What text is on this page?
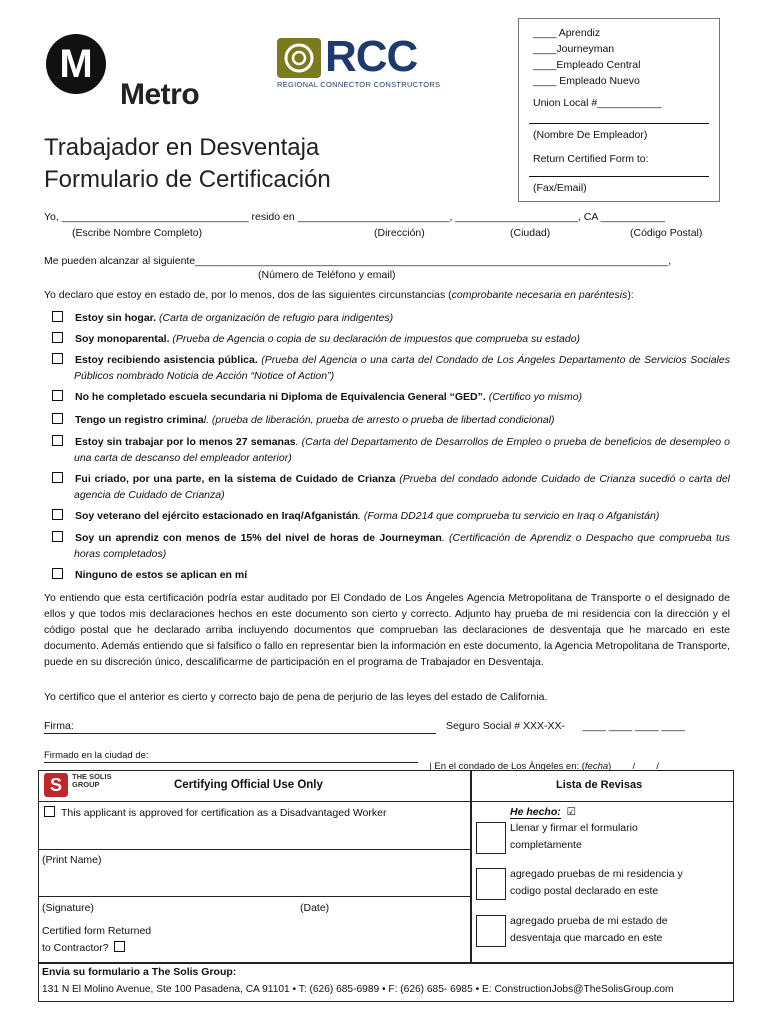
M
Metro
RCC
REGIONAL CONNECTOR CONSTRUCTORS
Trabajador en Desventaja
Formulario de Certificación
____ Aprendiz
____Journeyman
____Empleado Central
____ Empleado Nuevo
Union Local #___________
(Nombre De Empleador)
Return Certified Form to:
(Fax/Email)
Yo, ________________________________ resido en __________________________, _____________________, CA ___________
(Escribe Nombre Completo)	(Dirección)	(Ciudad)	(Código Postal)
Me pueden alcanzar al siguiente_________________________________________________________________________________,
(Número de Teléfono y email)
Yo declaro que estoy en estado de, por lo menos, dos de las siguientes circunstancias (comprobante necesaria en paréntesis):
Estoy sin hogar. (Carta de organización de refugio para indigentes)
Soy monoparental. (Prueba de Agencia o copia de su declaración de impuestos que comprueba su estado)
Estoy recibiendo asistencia pública. (Prueba del Agencia o una carta del Condado de Los Ángeles Departamento de Servicios Sociales Públicos nombrado Noticia de Acción “Notice of Action”)
No he completado escuela secundaria ni Diploma de Equivalencia General “GED”. (Certifico yo mismo)
Tengo un registro criminal. (prueba de liberación, prueba de arresto o prueba de libertad condicional)
Estoy sin trabajar por lo menos 27 semanas. (Carta del Departamento de Desarrollos de Empleo o prueba de beneficios de desempleo o una carta de descanso del empleador anterior)
Fui criado, por una parte, en la sistema de Cuidado de Crianza (Prueba del condado adonde Cuidado de Crianza sucedió o carta del agencia de Cuidado de Crianza)
Soy veterano del ejército estacionado en Iraq/Afganistán. (Forma DD214 que comprueba tu servicio en Iraq o Afganistán)
Soy un aprendiz con menos de 15% del nivel de horas de Journeyman. (Certificación de Aprendiz o Despacho que comprueba tus horas completados)
Ninguno de estos se aplican en mí
Yo entiendo que esta certificación podría estar auditado por El Condado de Los Ángeles Agencia Metropolitana de Transporte o el designado de ellos y que todos mis declaraciones hechos en este documento son cierto y correcto. Adjunto hay prueba de mi residencia con la dirección y el código postal que he declarado arriba incluyendo documentos que comprueban las declaraciones de desventaja que he marcado en este documento. Además entiendo que si falsifico o fallo en representar bien la información en este documento, la Agencia Metropolitana de Transporte, puede en su discreción único, descalificarme de participación en el programa de Trabajador en Desventaja.
Yo certifico que el anterior es cierto y correcto bajo de pena de perjurio de las leyes del estado de California.
Firma:	Seguro Social # XXX-XX- ____ ____ ____ ____
Firmado en la ciudad de:

| En el condado de Los Ángeles en: (fecha)        /        /

S	THE SOLIS GROUP	Certifying Official Use Only
This applicant is approved for certification as a Disadvantaged Worker
(Print Name)
(Signature)	(Date)
Certified form Returned
to Contractor?
Lista de Revisas
He hecho: ☑
Llenar y firmar el formulario completamente
agregado pruebas de mi residencia y codigo postal declarado en este
agregado prueba de mi estado de desventaja que marcado en este
Envia su formulario a The Solis Group:
131 N El Molino Avenue, Ste 100 Pasadena, CA 91101 • T: (626) 685-6989 • F: (626) 685- 6985 • E: ConstructionJobs@TheSolisGroup.com
